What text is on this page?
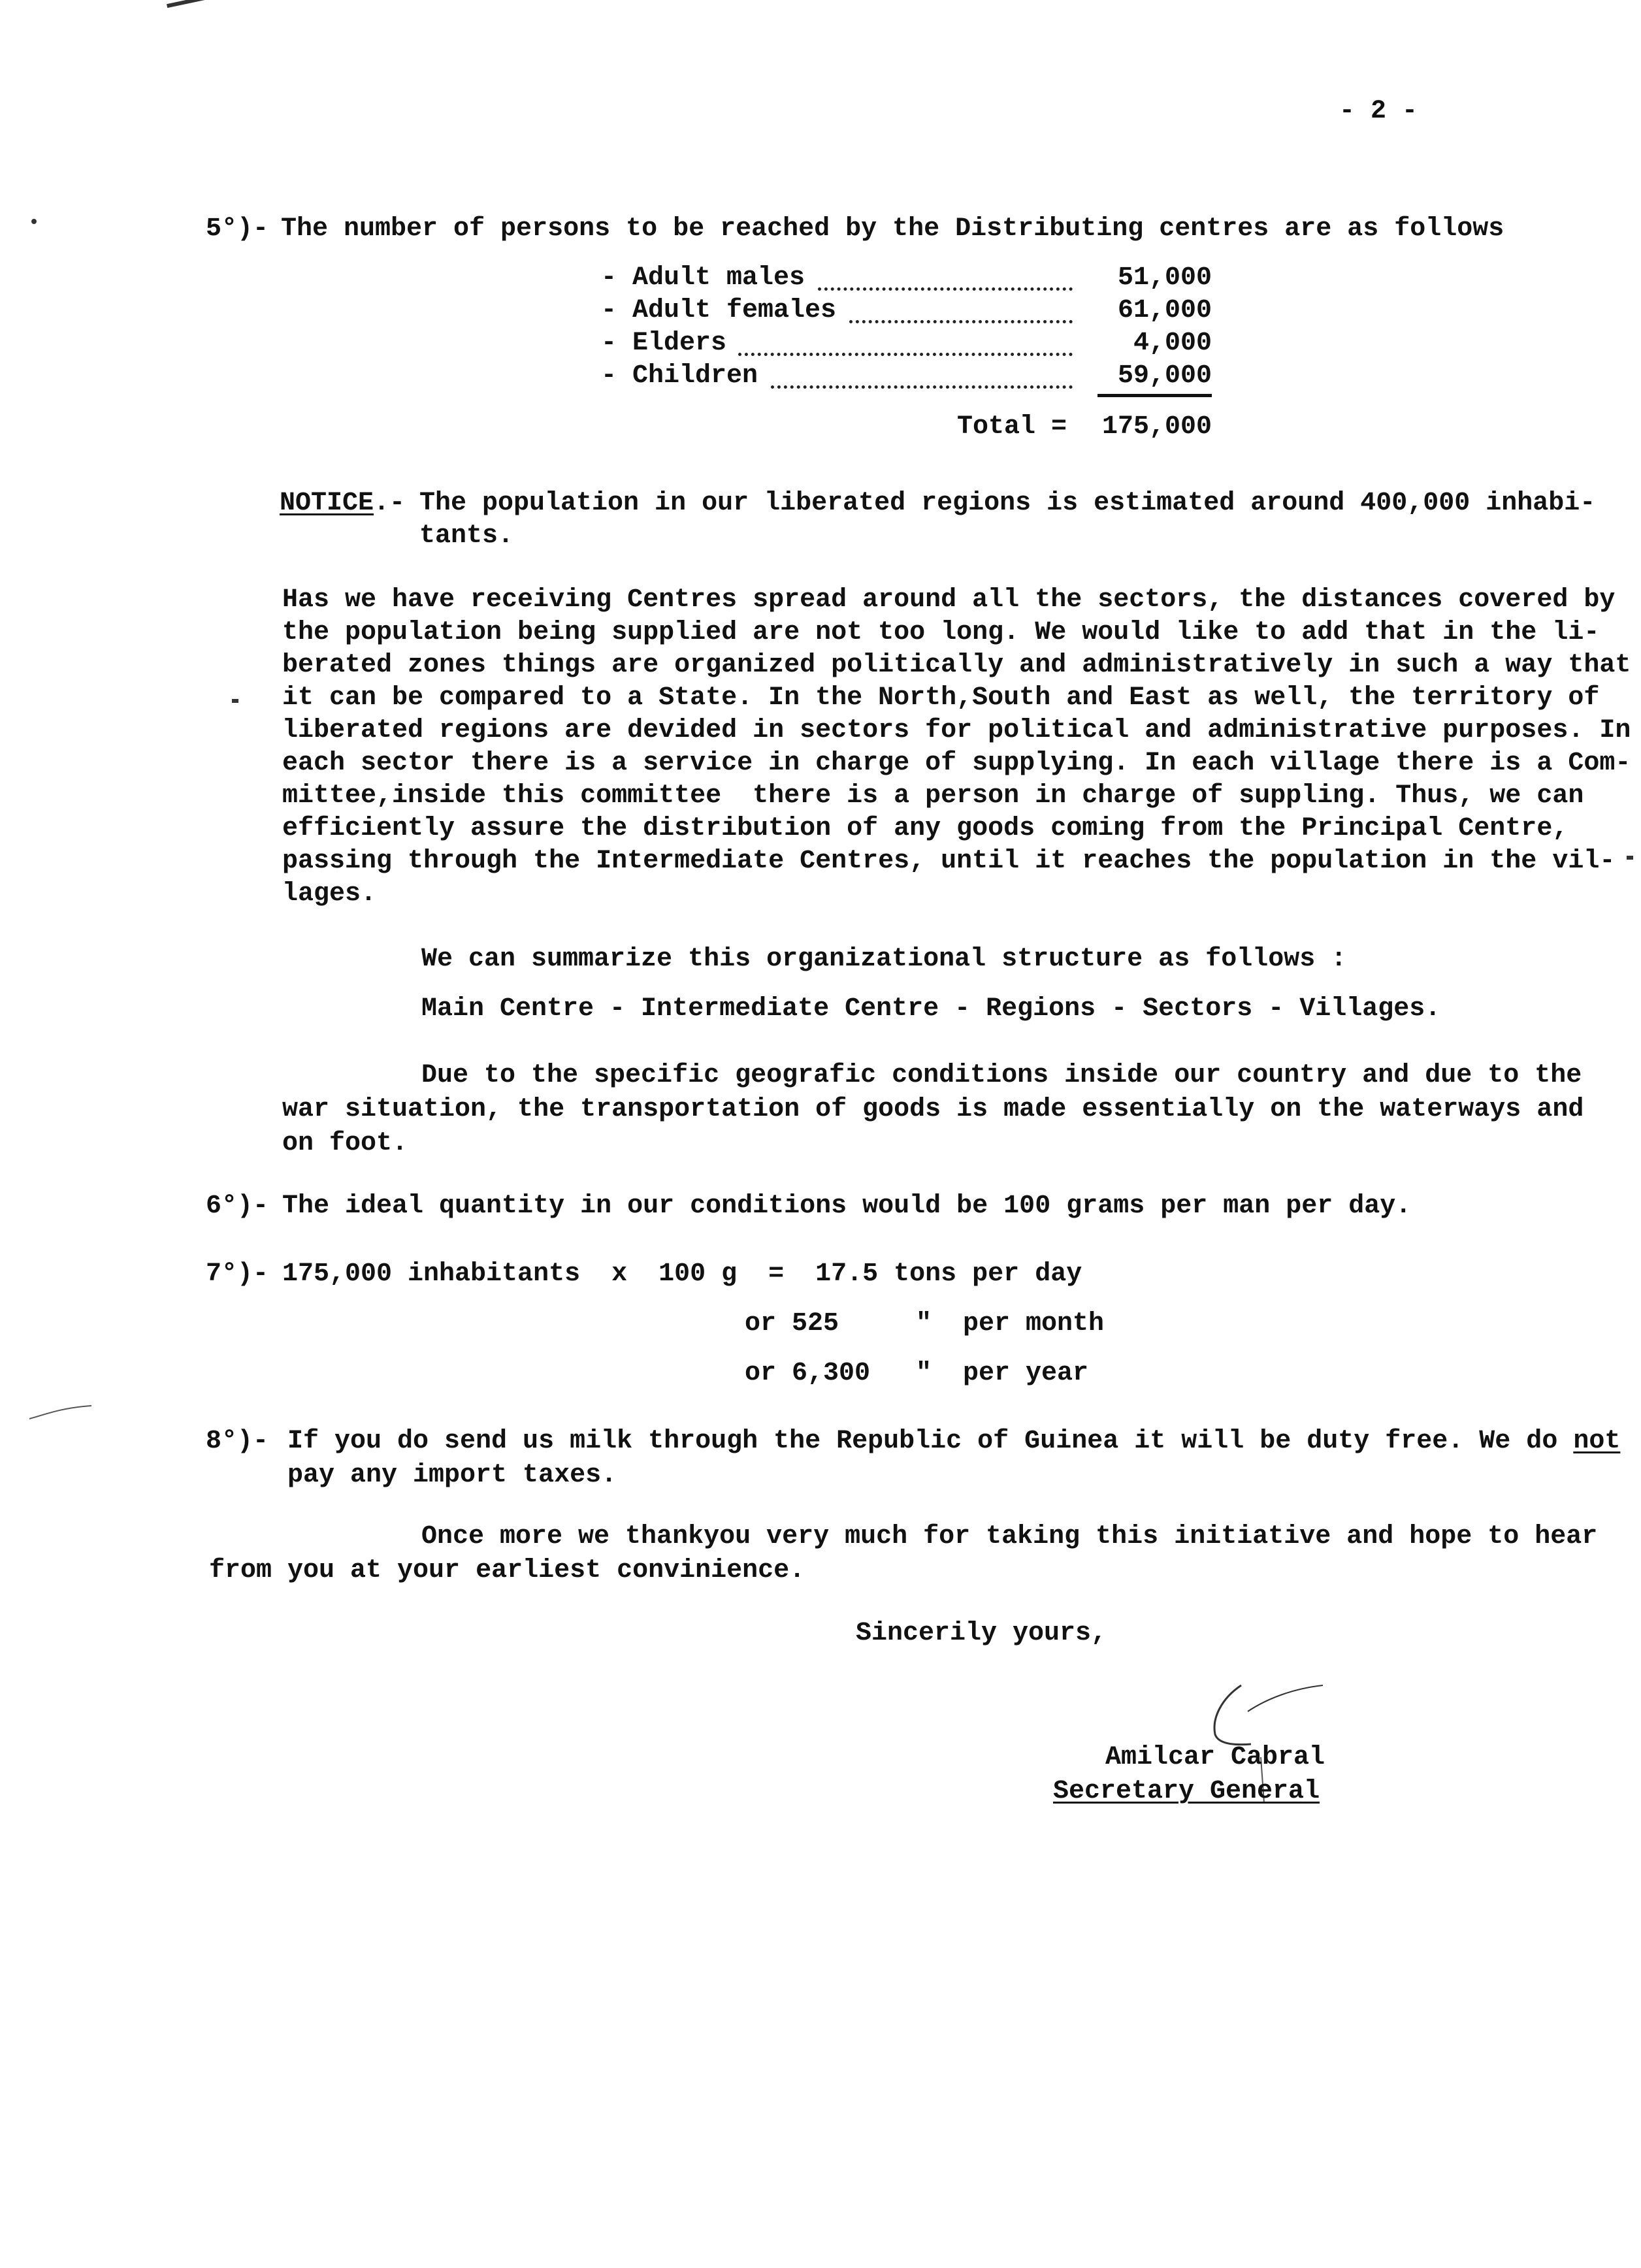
- 2 -
5°)- The number of persons to be reached by the Distributing centres are as follows
- Adult males	51,000
- Adult females	61,000
- Elders	4,000
- Children	59,000
Total =	175,000
NOTICE .- The population in our liberated regions is estimated around 400,000 inhabi-
tants.
Has we have receiving Centres spread around all the sectors, the distances covered by
the population being supplied are not too long. We would like to add that in the li-
berated zones things are organized politically and administratively in such a way that
it can be compared to a State. In the North,South and East as well, the territory of
liberated regions are devided in sectors for political and administrative purposes. In
each sector there is a service in charge of supplying. In each village there is a Com-
mittee,inside this committee  there is a person in charge of suppling. Thus, we can
efficiently assure the distribution of any goods coming from the Principal Centre,
passing through the Intermediate Centres, until it reaches the population in the vil-
lages.
We can summarize this organizational structure as follows :
Main Centre - Intermediate Centre - Regions - Sectors - Villages.
Due to the specific geografic conditions inside our country and due to the
war situation, the transportation of goods is made essentially on the waterways and
on foot.
6°)- The ideal quantity in our conditions would be 100 grams per man per day.
7°)- 175,000 inhabitants  x  100 g  =  17.5 tons per day
or 525	" per month
or 6,300 " per year
8°)- If you do send us milk through the Republic of Guinea it will be duty free. We do not
pay any import taxes.
Once more we thankyou very much for taking this initiative and hope to hear
from you at your earliest convinience.
Sincerily yours,
Amilcar Cabral
Secretary General
